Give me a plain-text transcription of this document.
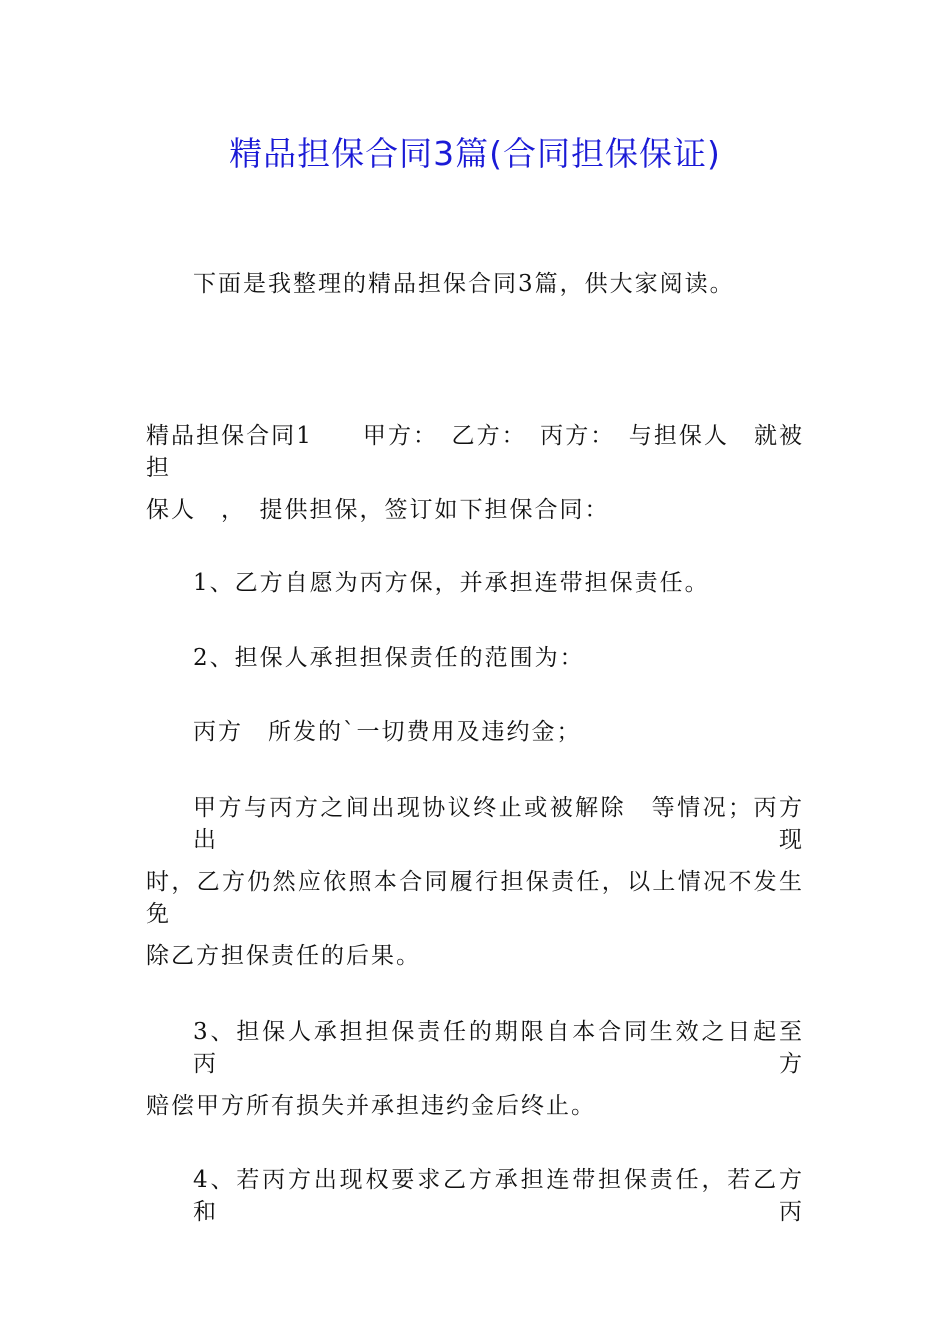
精品担保合同3篇(合同担保保证)
下面是我整理的精品担保合同3篇，供大家阅读。
精品担保合同1　　甲方：　乙方：　丙方：　与担保人　就被担
保人　，　提供担保，签订如下担保合同：
1、乙方自愿为丙方保，并承担连带担保责任。
2、担保人承担担保责任的范围为：
丙方　所发的`一切费用及违约金；
甲方与丙方之间出现协议终止或被解除　等情况；丙方出现
时，乙方仍然应依照本合同履行担保责任，以上情况不发生免
除乙方担保责任的后果。
3、担保人承担担保责任的期限自本合同生效之日起至丙方
赔偿甲方所有损失并承担违约金后终止。
4、若丙方出现权要求乙方承担连带担保责任，若乙方和丙
